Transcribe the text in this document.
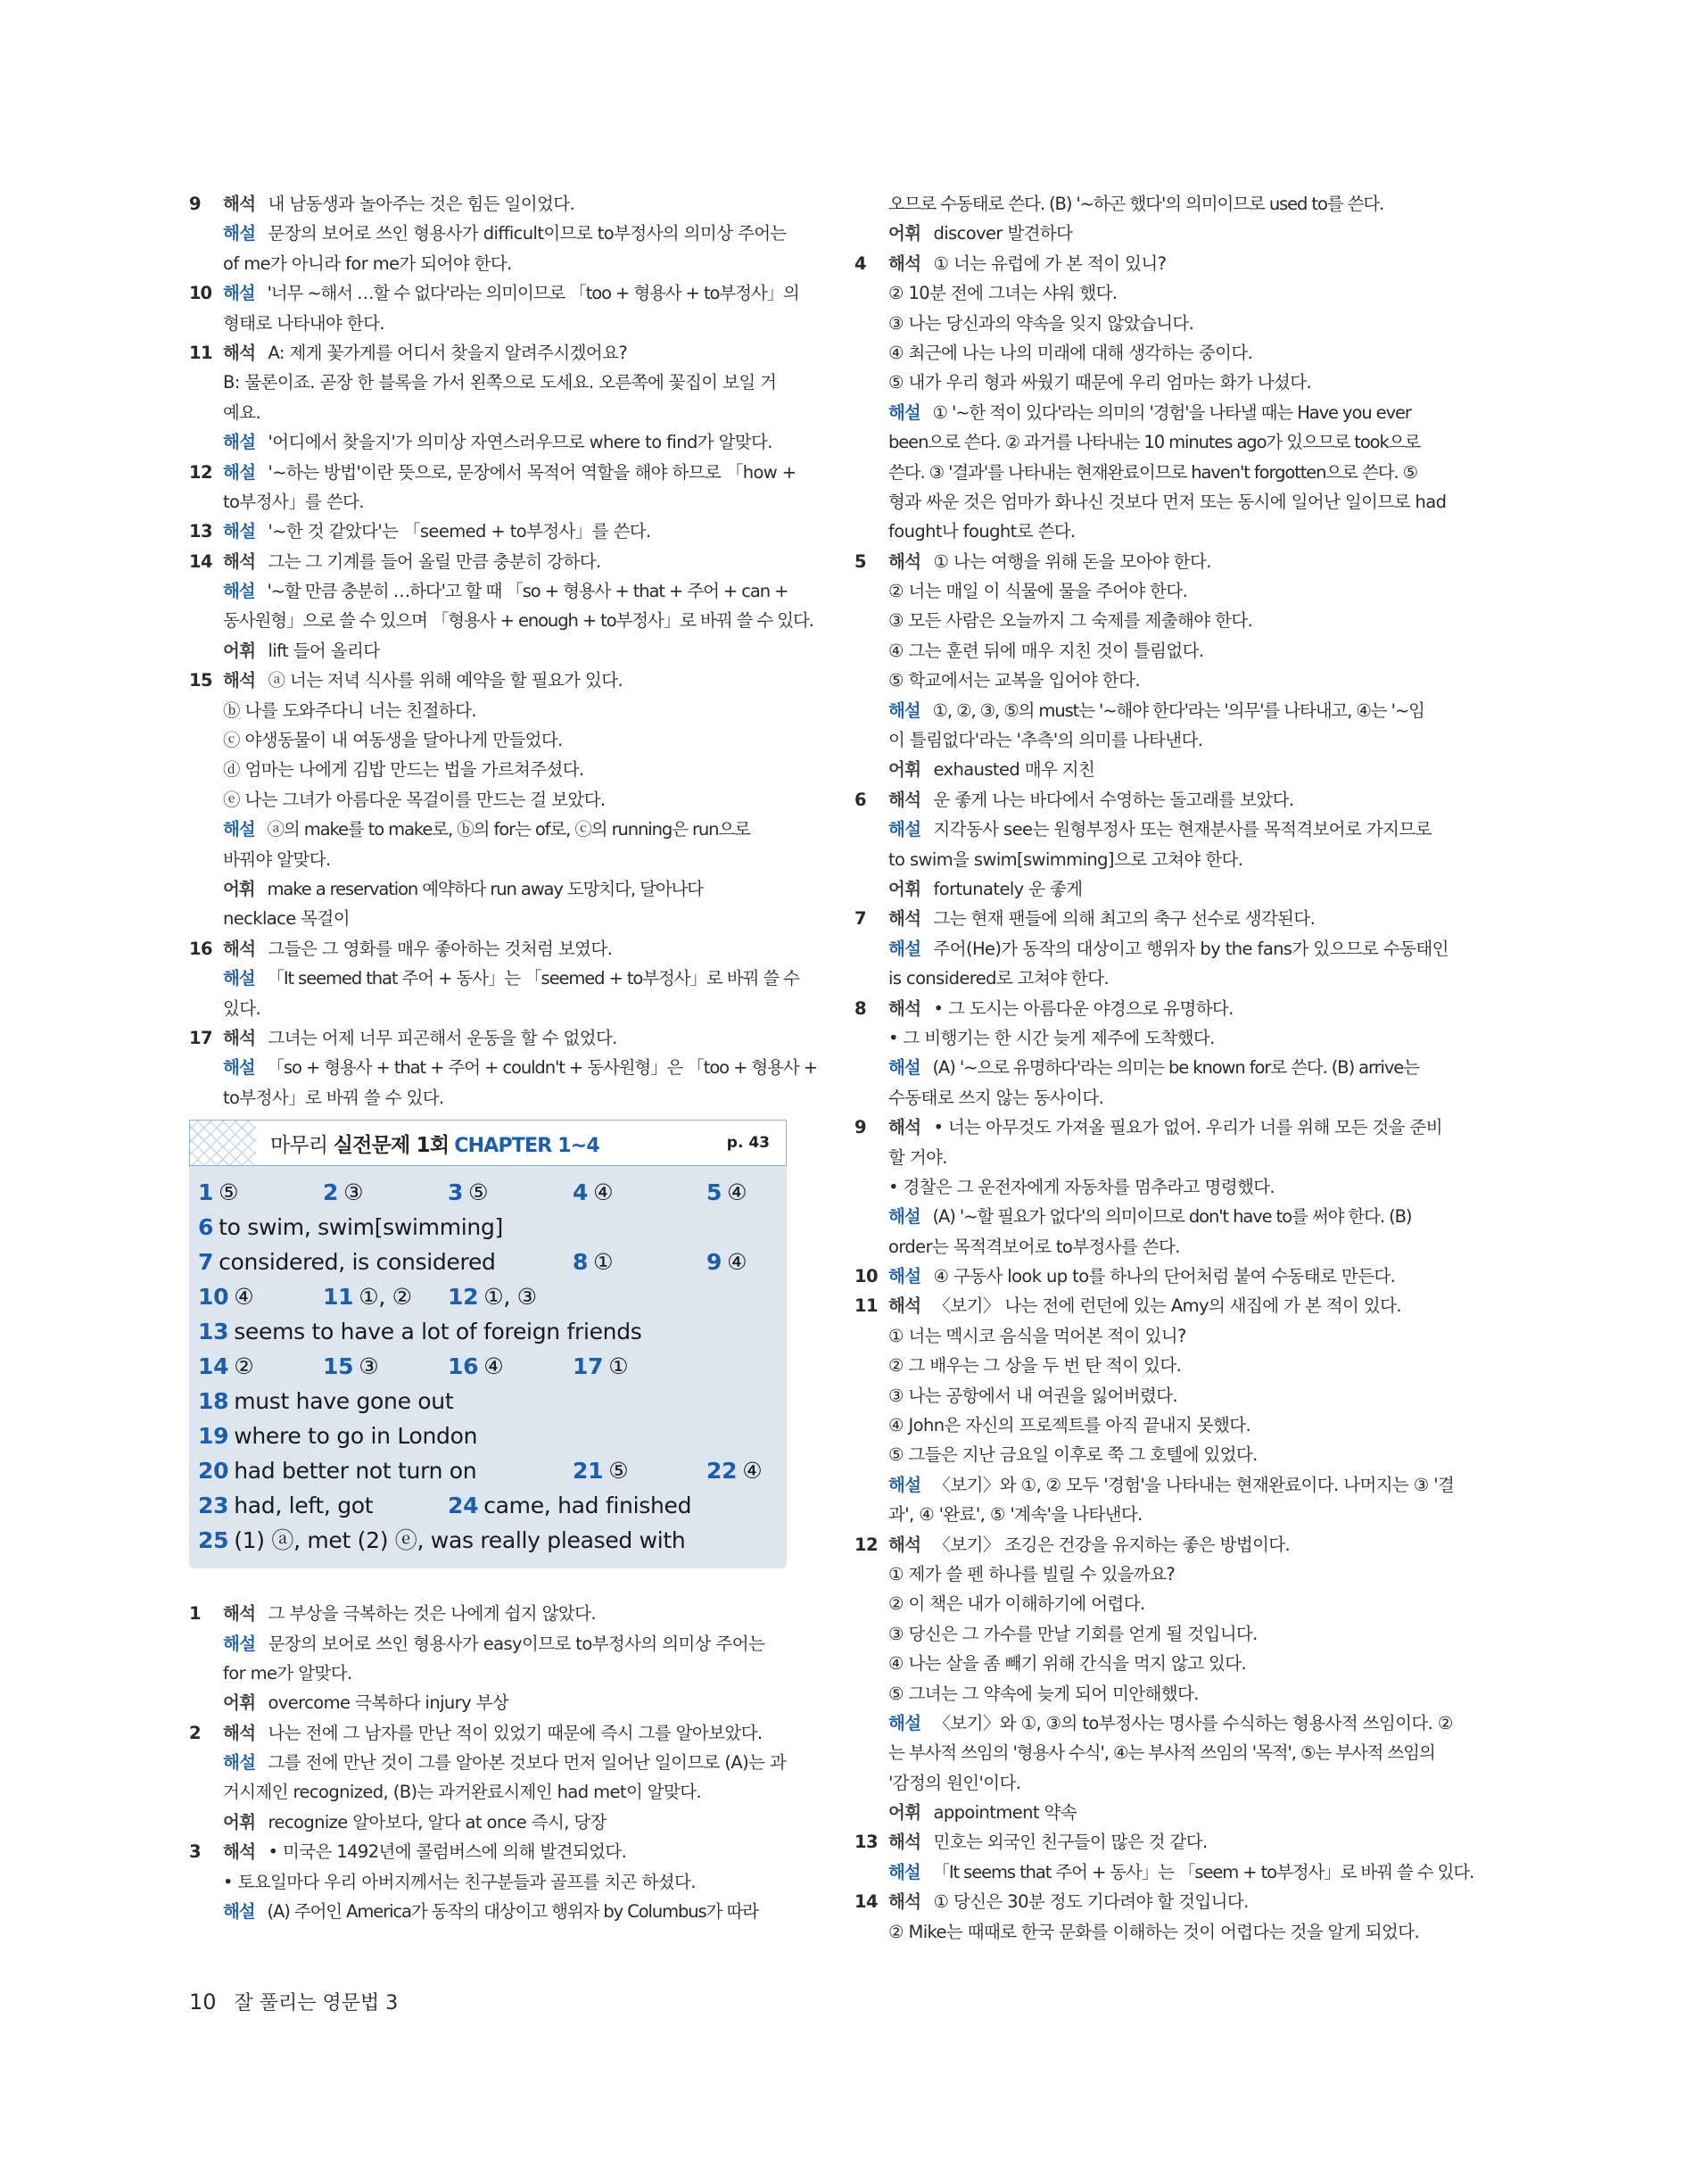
9 해석 내 남동생과 놀아주는 것은 힘든 일이었다.
해설 문장의 보어로 쓰인 형용사가 difficult이므로 to부정사의 의미상 주어는
of me가 아니라 for me가 되어야 한다.
10 해설 '너무 ~해서 …할 수 없다'라는 의미이므로 「too + 형용사 + to부정사」의
형태로 나타내야 한다.
11 해석 A: 제게 꽃가게를 어디서 찾을지 알려주시겠어요?
B: 물론이죠. 곧장 한 블록을 가서 왼쪽으로 도세요. 오른쪽에 꽃집이 보일 거
예요.
해설 '어디에서 찾을지'가 의미상 자연스러우므로 where to find가 알맞다.
12 해설 '~하는 방법'이란 뜻으로, 문장에서 목적어 역할을 해야 하므로 「how +
to부정사」를 쓴다.
13 해설 '~한 것 같았다'는 「seemed + to부정사」를 쓴다.
14 해석 그는 그 기계를 들어 올릴 만큼 충분히 강하다.
해설 '~할 만큼 충분히 …하다'고 할 때 「so + 형용사 + that + 주어 + can +
동사원형」으로 쓸 수 있으며 「형용사 + enough + to부정사」로 바꿔 쓸 수 있다.
어휘 lift 들어 올리다
15 해석 ⓐ 너는 저녁 식사를 위해 예약을 할 필요가 있다.
ⓑ 나를 도와주다니 너는 친절하다.
ⓒ 야생동물이 내 여동생을 달아나게 만들었다.
ⓓ 엄마는 나에게 김밥 만드는 법을 가르쳐주셨다.
ⓔ 나는 그녀가 아름다운 목걸이를 만드는 걸 보았다.
해설 ⓐ의 make를 to make로, ⓑ의 for는 of로, ⓒ의 running은 run으로
바꿔야 알맞다.
어휘 make a reservation 예약하다 run away 도망치다, 달아나다
necklace 목걸이
16 해석 그들은 그 영화를 매우 좋아하는 것처럼 보였다.
해설 「It seemed that 주어 + 동사」는 「seemed + to부정사」로 바꿔 쓸 수
있다.
17 해석 그녀는 어제 너무 피곤해서 운동을 할 수 없었다.
해설 「so + 형용사 + that + 주어 + couldn't + 동사원형」은 「too + 형용사 +
to부정사」로 바꿔 쓸 수 있다.
마무리 실전문제 1회 CHAPTER 1~4	p. 43
1 ⑤	2 ③	3 ⑤	4 ④	5 ④
6 to swim, swim[swimming]
7 considered, is considered	8 ①	9 ④
10 ④	11 ①, ② 12 ①, ③
13 seems to have a lot of foreign friends
14 ②	15 ③	16 ④	17 ①
18 must have gone out
19 where to go in London
20 had better not turn on	21 ⑤	22 ④
23 had, left, got	24 came, had finished
25 (1) ⓐ, met (2) ⓔ, was really pleased with
1 해석 그 부상을 극복하는 것은 나에게 쉽지 않았다.
해설 문장의 보어로 쓰인 형용사가 easy이므로 to부정사의 의미상 주어는
for me가 알맞다.
어휘 overcome 극복하다 injury 부상
2 해석 나는 전에 그 남자를 만난 적이 있었기 때문에 즉시 그를 알아보았다.
해설 그를 전에 만난 것이 그를 알아본 것보다 먼저 일어난 일이므로 (A)는 과
거시제인 recognized, (B)는 과거완료시제인 had met이 알맞다.
어휘 recognize 알아보다, 알다 at once 즉시, 당장
3 해석 • 미국은 1492년에 콜럼버스에 의해 발견되었다.
• 토요일마다 우리 아버지께서는 친구분들과 골프를 치곤 하셨다.
해설 (A) 주어인 America가 동작의 대상이고 행위자 by Columbus가 따라
오므로 수동태로 쓴다. (B) '~하곤 했다'의 의미이므로 used to를 쓴다.
어휘 discover 발견하다
4 해석 ① 너는 유럽에 가 본 적이 있니?
② 10분 전에 그녀는 샤워 했다.
③ 나는 당신과의 약속을 잊지 않았습니다.
④ 최근에 나는 나의 미래에 대해 생각하는 중이다.
⑤ 내가 우리 형과 싸웠기 때문에 우리 엄마는 화가 나셨다.
해설 ① '~한 적이 있다'라는 의미의 '경험'을 나타낼 때는 Have you ever
been으로 쓴다. ② 과거를 나타내는 10 minutes ago가 있으므로 took으로
쓴다. ③ '결과'를 나타내는 현재완료이므로 haven't forgotten으로 쓴다. ⑤
형과 싸운 것은 엄마가 화나신 것보다 먼저 또는 동시에 일어난 일이므로 had
fought나 fought로 쓴다.
5 해석 ① 나는 여행을 위해 돈을 모아야 한다.
② 너는 매일 이 식물에 물을 주어야 한다.
③ 모든 사람은 오늘까지 그 숙제를 제출해야 한다.
④ 그는 훈련 뒤에 매우 지친 것이 틀림없다.
⑤ 학교에서는 교복을 입어야 한다.
해설 ①, ②, ③, ⑤의 must는 '~해야 한다'라는 '의무'를 나타내고, ④는 '~임
이 틀림없다'라는 '추측'의 의미를 나타낸다.
어휘 exhausted 매우 지친
6 해석 운 좋게 나는 바다에서 수영하는 돌고래를 보았다.
해설 지각동사 see는 원형부정사 또는 현재분사를 목적격보어로 가지므로
to swim을 swim[swimming]으로 고쳐야 한다.
어휘 fortunately 운 좋게
7 해석 그는 현재 팬들에 의해 최고의 축구 선수로 생각된다.
해설 주어(He)가 동작의 대상이고 행위자 by the fans가 있으므로 수동태인
is considered로 고쳐야 한다.
8 해석 • 그 도시는 아름다운 야경으로 유명하다.
• 그 비행기는 한 시간 늦게 제주에 도착했다.
해설 (A) '~으로 유명하다'라는 의미는 be known for로 쓴다. (B) arrive는
수동태로 쓰지 않는 동사이다.
9 해석 • 너는 아무것도 가져올 필요가 없어. 우리가 너를 위해 모든 것을 준비
할 거야.
• 경찰은 그 운전자에게 자동차를 멈추라고 명령했다.
해설 (A) '~할 필요가 없다'의 의미이므로 don't have to를 써야 한다. (B)
order는 목적격보어로 to부정사를 쓴다.
10 해설 ④ 구동사 look up to를 하나의 단어처럼 붙여 수동태로 만든다.
11 해석 〈보기〉 나는 전에 런던에 있는 Amy의 새집에 가 본 적이 있다.
① 너는 멕시코 음식을 먹어본 적이 있니?
② 그 배우는 그 상을 두 번 탄 적이 있다.
③ 나는 공항에서 내 여권을 잃어버렸다.
④ John은 자신의 프로젝트를 아직 끝내지 못했다.
⑤ 그들은 지난 금요일 이후로 쭉 그 호텔에 있었다.
해설 〈보기〉와 ①, ② 모두 '경험'을 나타내는 현재완료이다. 나머지는 ③ '결
과', ④ '완료', ⑤ '계속'을 나타낸다.
12 해석 〈보기〉 조깅은 건강을 유지하는 좋은 방법이다.
① 제가 쓸 펜 하나를 빌릴 수 있을까요?
② 이 책은 내가 이해하기에 어렵다.
③ 당신은 그 가수를 만날 기회를 얻게 될 것입니다.
④ 나는 살을 좀 빼기 위해 간식을 먹지 않고 있다.
⑤ 그녀는 그 약속에 늦게 되어 미안해했다.
해설 〈보기〉와 ①, ③의 to부정사는 명사를 수식하는 형용사적 쓰임이다. ②
는 부사적 쓰임의 '형용사 수식', ④는 부사적 쓰임의 '목적', ⑤는 부사적 쓰임의
'감정의 원인'이다.
어휘 appointment 약속
13 해석 민호는 외국인 친구들이 많은 것 같다.
해설 「It seems that 주어 + 동사」는 「seem + to부정사」로 바꿔 쓸 수 있다.
14 해석 ① 당신은 30분 정도 기다려야 할 것입니다.
② Mike는 때때로 한국 문화를 이해하는 것이 어렵다는 것을 알게 되었다.
10 잘 풀리는 영문법 3
